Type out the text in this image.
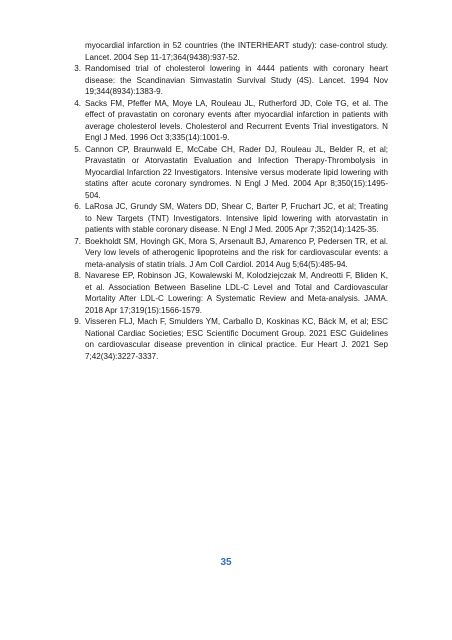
myocardial infarction in 52 countries (the INTERHEART study): case-control study. Lancet. 2004 Sep 11-17;364(9438):937-52.
3. Randomised trial of cholesterol lowering in 4444 patients with coronary heart disease: the Scandinavian Simvastatin Survival Study (4S). Lancet. 1994 Nov 19;344(8934):1383-9.
4. Sacks FM, Pfeffer MA, Moye LA, Rouleau JL, Rutherford JD, Cole TG, et al. The effect of pravastatin on coronary events after myocardial infarction in patients with average cholesterol levels. Cholesterol and Recurrent Events Trial investigators. N Engl J Med. 1996 Oct 3;335(14):1001-9.
5. Cannon CP, Braunwald E, McCabe CH, Rader DJ, Rouleau JL, Belder R, et al; Pravastatin or Atorvastatin Evaluation and Infection Therapy-Thrombolysis in Myocardial Infarction 22 Investigators. Intensive versus moderate lipid lowering with statins after acute coronary syndromes. N Engl J Med. 2004 Apr 8;350(15):1495-504.
6. LaRosa JC, Grundy SM, Waters DD, Shear C, Barter P, Fruchart JC, et al; Treating to New Targets (TNT) Investigators. Intensive lipid lowering with atorvastatin in patients with stable coronary disease. N Engl J Med. 2005 Apr 7;352(14):1425-35.
7. Boekholdt SM, Hovingh GK, Mora S, Arsenault BJ, Amarenco P, Pedersen TR, et al. Very low levels of atherogenic lipoproteins and the risk for cardiovascular events: a meta-analysis of statin trials. J Am Coll Cardiol. 2014 Aug 5;64(5):485-94.
8. Navarese EP, Robinson JG, Kowalewski M, Kolodziejczak M, Andreotti F, Bliden K, et al. Association Between Baseline LDL-C Level and Total and Cardiovascular Mortality After LDL-C Lowering: A Systematic Review and Meta-analysis. JAMA. 2018 Apr 17;319(15):1566-1579.
9. Visseren FLJ, Mach F, Smulders YM, Carballo D, Koskinas KC, Bäck M, et al; ESC National Cardiac Societies; ESC Scientific Document Group. 2021 ESC Guidelines on cardiovascular disease prevention in clinical practice. Eur Heart J. 2021 Sep 7;42(34):3227-3337.
35
